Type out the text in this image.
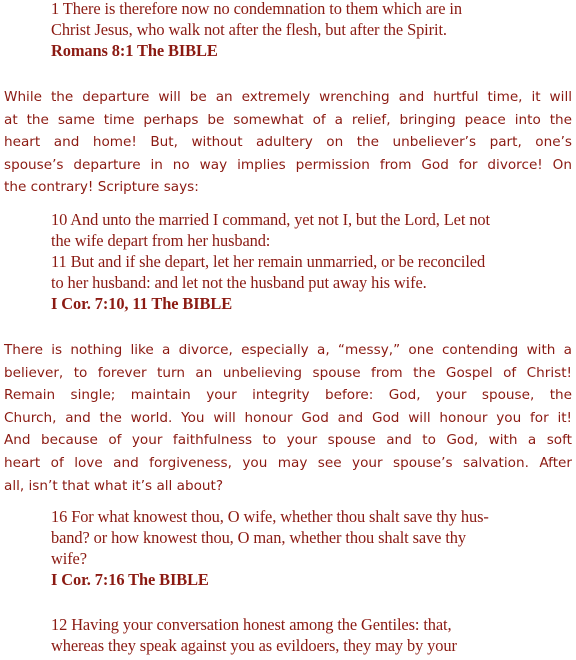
1 There is therefore now no condemnation to them which are in
Christ Jesus, who walk not after the flesh, but after the Spirit.
Romans 8:1 The BIBLE
While the departure will be an extremely wrenching and hurtful time, it will
at the same time perhaps be somewhat of a relief, bringing peace into the
heart and home! But, without adultery on the unbeliever’s part, one’s
spouse’s departure in no way implies permission from God for divorce! On
the contrary! Scripture says:
10 And unto the married I command, yet not I, but the Lord, Let not
the wife depart from her husband:
11 But and if she depart, let her remain unmarried, or be reconciled
to her husband: and let not the husband put away his wife.
I Cor. 7:10, 11 The BIBLE
There is nothing like a divorce, especially a, “messy,” one contending with a
believer, to forever turn an unbelieving spouse from the Gospel of Christ!
Remain single; maintain your integrity before: God, your spouse, the
Church, and the world. You will honour God and God will honour you for it!
And because of your faithfulness to your spouse and to God, with a soft
heart of love and forgiveness, you may see your spouse’s salvation. After
all, isn’t that what it’s all about?
16 For what knowest thou, O wife, whether thou shalt save thy hus-
band? or how knowest thou, O man, whether thou shalt save thy
wife?
I Cor. 7:16 The BIBLE
12 Having your conversation honest among the Gentiles: that,
whereas they speak against you as evildoers, they may by your
